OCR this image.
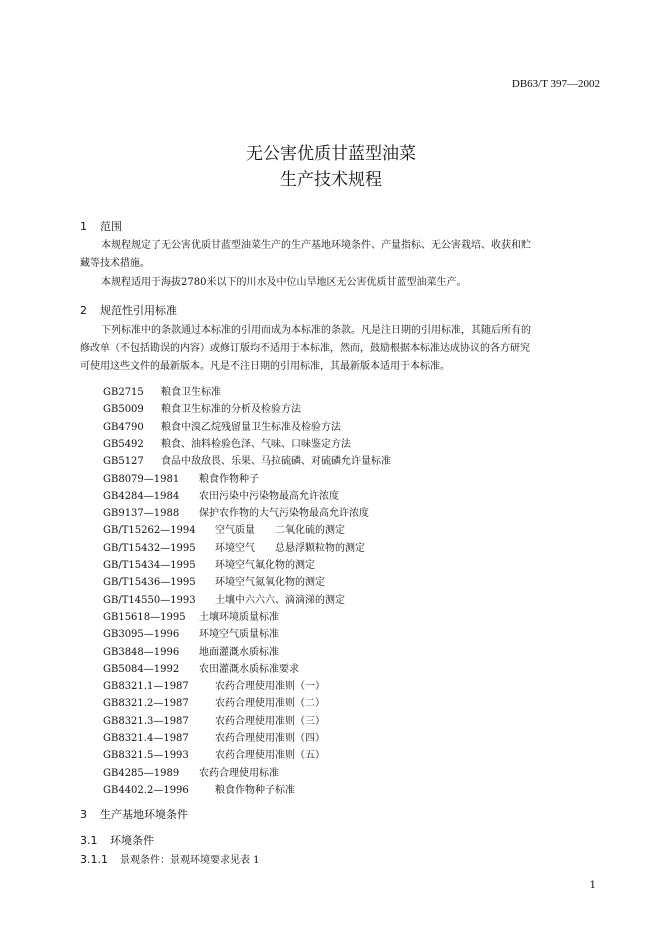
DB63/T 397—2002
无公害优质甘蓝型油菜
生产技术规程
1 范围
本规程规定了无公害优质甘蓝型油菜生产的生产基地环境条件、产量指标、无公害栽培、收获和贮
藏等技术措施。
本规程适用于海拔2780米以下的川水及中位山旱地区无公害优质甘蓝型油菜生产。
2 规范性引用标准
下列标准中的条款通过本标准的引用而成为本标准的条款。凡是注日期的引用标准，其随后所有的
修改单（不包括勘误的内容）或修订版均不适用于本标准，然而，鼓励根据本标准达成协议的各方研究
可使用这些文件的最新版本。凡是不注日期的引用标准，其最新版本适用于本标准。
GB2715 粮食卫生标准
GB5009 粮食卫生标准的分析及检验方法
GB4790 粮食中溴乙烷残留量卫生标准及检验方法
GB5492 粮食、油料检验色泽、气味、口味鉴定方法
GB5127 食品中敌敌畏、乐果、马拉硫磷、对硫磷允许量标准
GB8079—1981 粮食作物种子
GB4284—1984 农田污染中污染物最高允许浓度
GB9137—1988 保护农作物的大气污染物最高允许浓度
GB/T15262—1994 空气质量　　二氧化硫的测定
GB/T15432—1995 环境空气　　总悬浮颗粒物的测定
GB/T15434—1995 环境空气氟化物的测定
GB/T15436—1995 环境空气氮氧化物的测定
GB/T14550—1993 土壤中六六六、滴滴涕的测定
GB15618—1995 土壤环境质量标准
GB3095—1996 环境空气质量标准
GB3848—1996 地面灌溉水质标准
GB5084—1992 农田灌溉水质标准要求
GB8321.1—1987	农药合理使用准则（一）
GB8321.2—1987	农药合理使用准则（二）
GB8321.3—1987	农药合理使用准则（三）
GB8321.4—1987	农药合理使用准则（四）
GB8321.5—1993	农药合理使用准则（五）
GB4285—1989 农药合理使用标准
GB4402.2—1996	粮食作物种子标准
3 生产基地环境条件
3.1 环境条件
3.1.1 景观条件：景观环境要求见表 1
1
